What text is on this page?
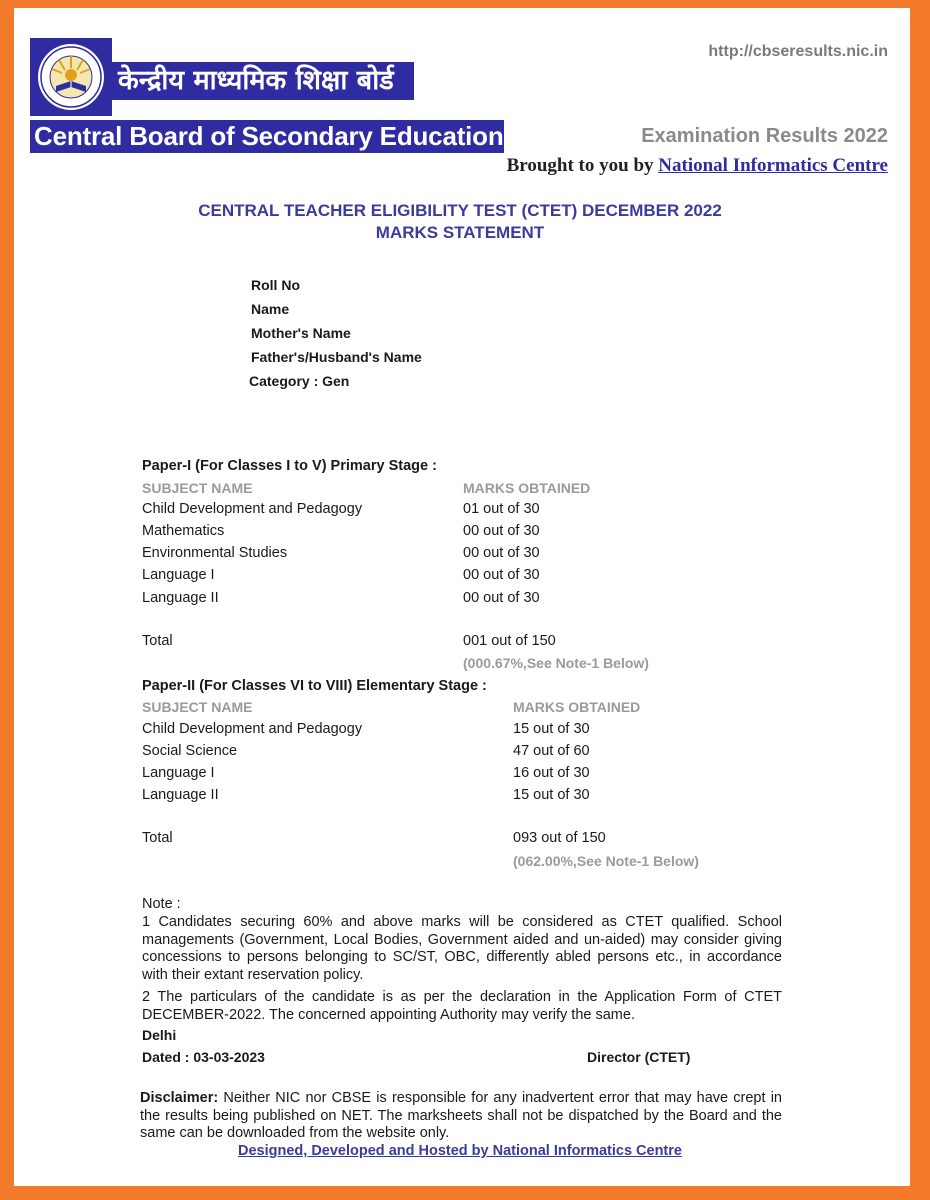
केन्द्रीय माध्यमिक शिक्षा बोर्ड
Central Board of Secondary Education
http://cbseresults.nic.in
Examination Results 2022
Brought to you by National Informatics Centre
CENTRAL TEACHER ELIGIBILITY TEST (CTET) DECEMBER 2022
MARKS STATEMENT
Roll No
Name
Mother's Name
Father's/Husband's Name
Category : Gen
Paper-I (For Classes I to V) Primary Stage :
SUBJECT NAME	MARKS OBTAINED
Child Development and Pedagogy	01 out of 30
Mathematics	00 out of 30
Environmental Studies	00 out of 30
Language I	00 out of 30
Language II	00 out of 30
Total	001 out of 150
(000.67%,See Note-1 Below)
Paper-II (For Classes VI to VIII) Elementary Stage :
SUBJECT NAME	MARKS OBTAINED
Child Development and Pedagogy	15 out of 30
Social Science	47 out of 60
Language I	16 out of 30
Language II	15 out of 30
Total	093 out of 150
(062.00%,See Note-1 Below)
Note :
1 Candidates securing 60% and above marks will be considered as CTET qualified. School managements (Government, Local Bodies, Government aided and un-aided) may consider giving concessions to persons belonging to SC/ST, OBC, differently abled persons etc., in accordance with their extant reservation policy.
2 The particulars of the candidate is as per the declaration in the Application Form of CTET DECEMBER-2022. The concerned appointing Authority may verify the same.
Delhi
Dated : 03-03-2023	Director (CTET)
Disclaimer: Neither NIC nor CBSE is responsible for any inadvertent error that may have crept in the results being published on NET. The marksheets shall not be dispatched by the Board and the same can be downloaded from the website only.
Designed, Developed and Hosted by National Informatics Centre
